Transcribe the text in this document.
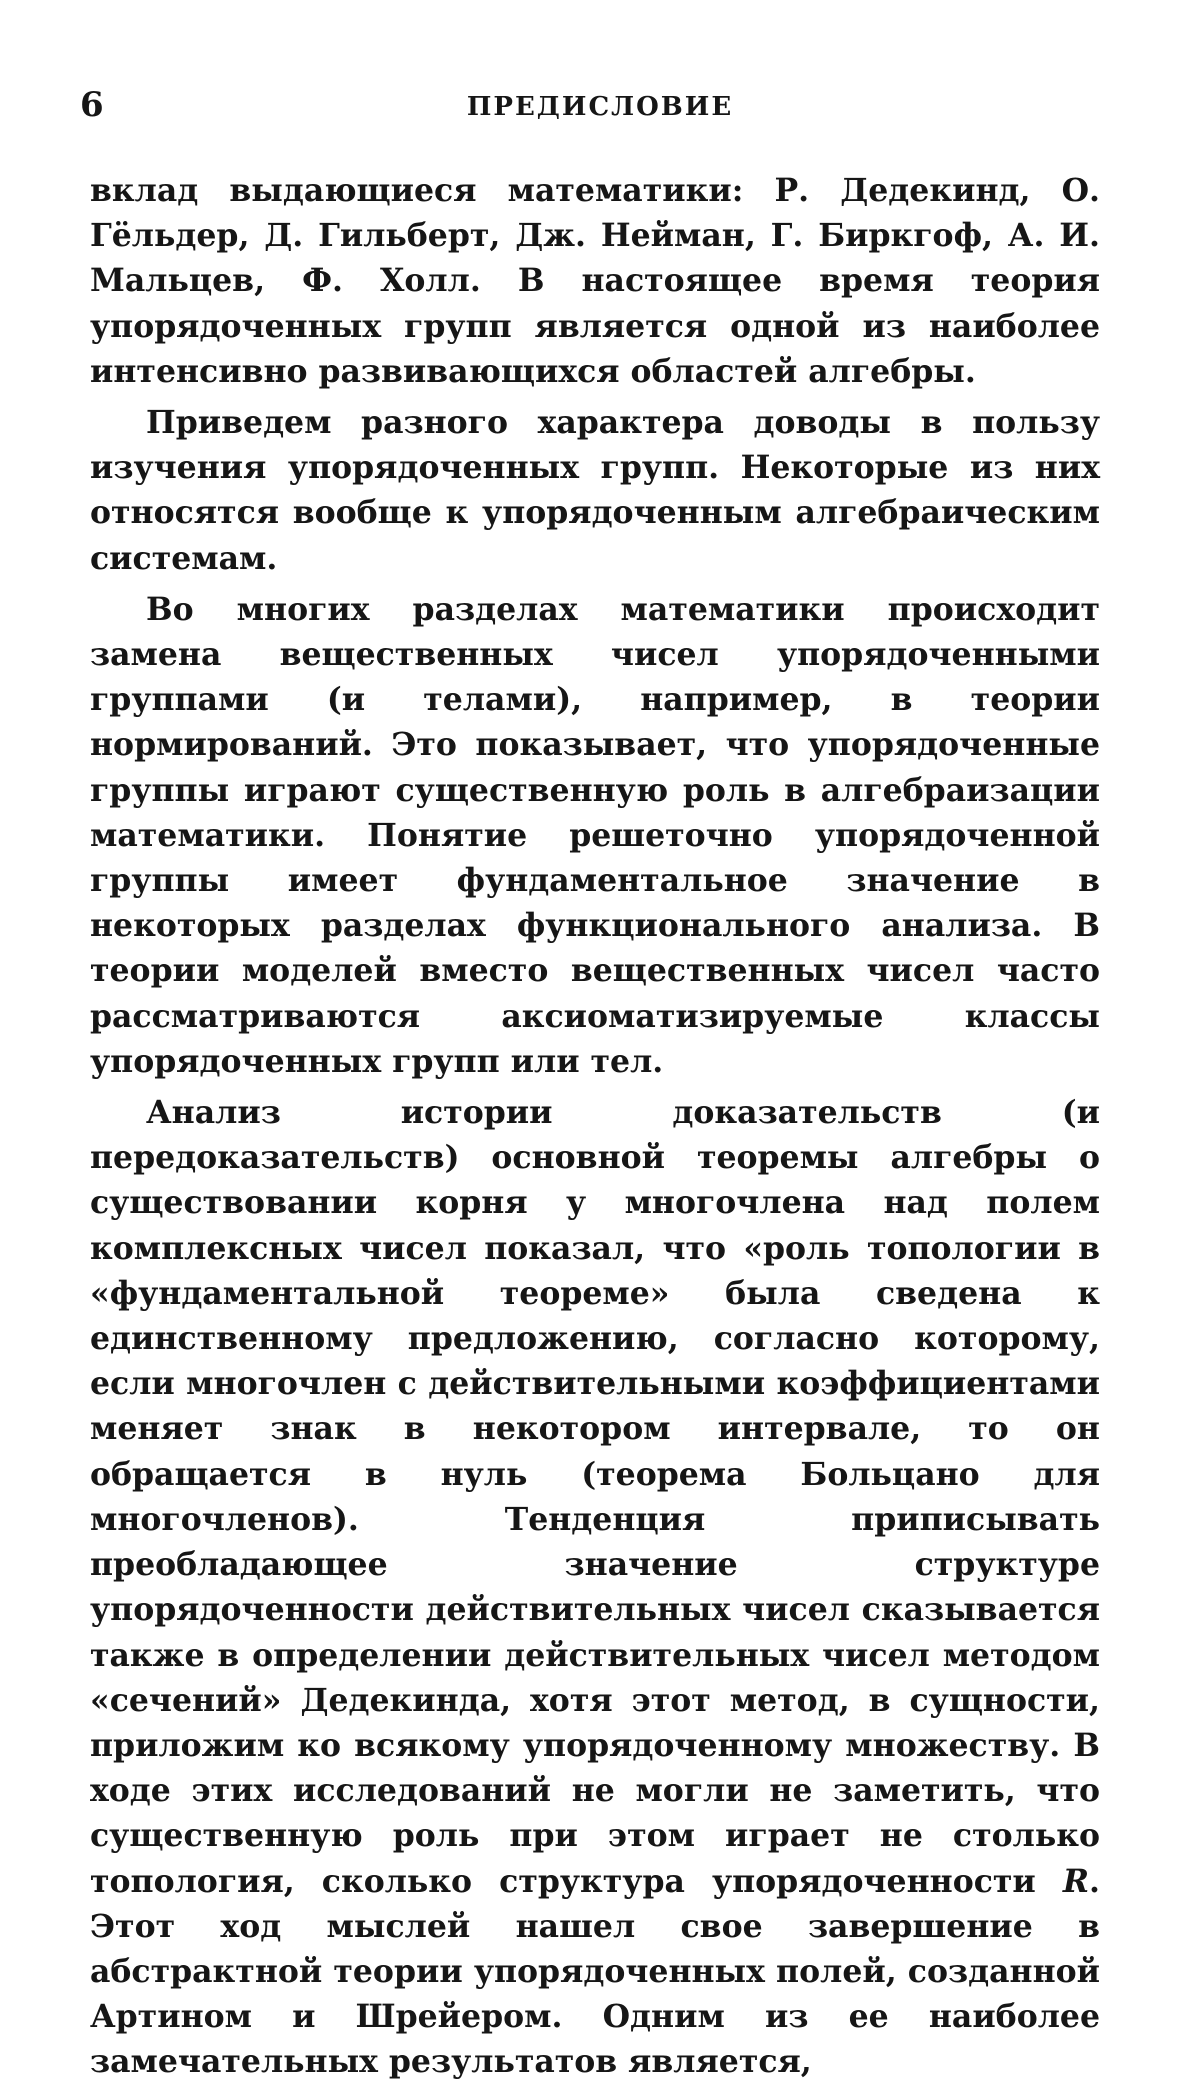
6	ПРЕДИСЛОВИЕ

вклад выдающиеся математики: Р. Дедекинд, О. Гёльдер, Д. Гильберт, Дж. Нейман, Г. Биркгоф, А. И. Мальцев, Ф. Холл. В настоящее время теория упорядоченных групп является одной из наиболее интенсивно развивающихся областей алгебры.

Приведем разного характера доводы в пользу изучения упорядоченных групп. Некоторые из них относятся вообще к упорядоченным алгебраическим системам.

Во многих разделах математики происходит замена вещественных чисел упорядоченными группами (и телами), например, в теории нормирований. Это показывает, что упорядоченные группы играют существенную роль в алгебраизации математики. Понятие решеточно упорядоченной группы имеет фундаментальное значение в некоторых разделах функционального анализа. В теории моделей вместо вещественных чисел часто рассматриваются аксиоматизируемые классы упорядоченных групп или тел.

Анализ истории доказательств (и передоказательств) основной теоремы алгебры о существовании корня у многочлена над полем комплексных чисел показал, что «роль топологии в «фундаментальной теореме» была сведена к единственному предложению, согласно которому, если многочлен с действительными коэффициентами меняет знак в некотором интервале, то он обращается в нуль (теорема Больцано для многочленов). Тенденция приписывать преобладающее значение структуре упорядоченности действительных чисел сказывается также в определении действительных чисел методом «сечений» Дедекинда, хотя этот метод, в сущности, приложим ко всякому упорядоченному множеству. В ходе этих исследований не могли не заметить, что существенную роль при этом играет не столько топология, сколько структура упорядоченности R. Этот ход мыслей нашел свое завершение в абстрактной теории упорядоченных полей, созданной Артином и Шрейером. Одним из ее наиболее замечательных результатов является,
